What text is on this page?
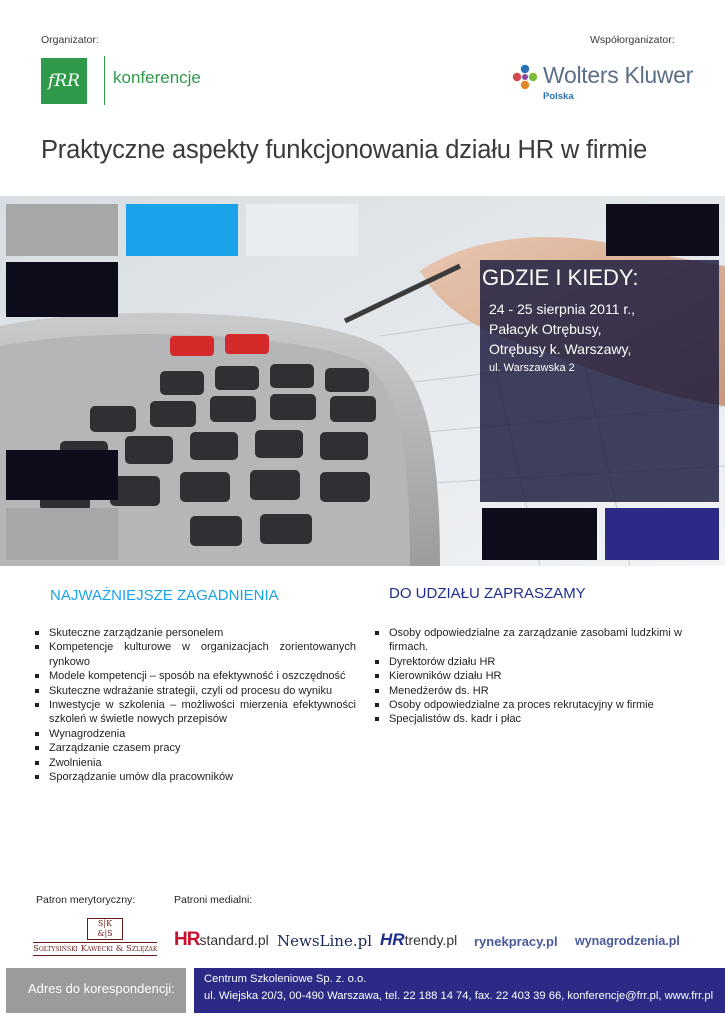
Organizator:	Współorganizator:
fRR	konferencje	Wolters Kluwer
Polska
Praktyczne aspekty funkcjonowania działu HR w firmie
GDZIE I KIEDY:
24 - 25 sierpnia 2011 r.,
Pałacyk Otrębusy,
Otrębusy k. Warszawy,
ul. Warszawska 2
NAJWAŻNIEJSZE ZAGADNIENIA
Skuteczne zarządzanie personelem
Kompetencje kulturowe w organizacjach zorientowanych rynkowo
Modele kompetencji – sposób na efektywność i oszczędność
Skuteczne wdrażanie strategii, czyli od procesu do wyniku
Inwestycje w szkolenia – możliwości mierzenia efektywności szkoleń w świetle nowych przepisów
Wynagrodzenia
Zarządzanie czasem pracy
Zwolnienia
Sporządzanie umów dla pracowników
DO UDZIAŁU ZAPRASZAMY
Osoby odpowiedzialne za zarządzanie zasobami ludzkimi w firmach.
Dyrektorów działu HR
Kierowników działu HR
Menedżerów ds. HR
Osoby odpowiedzialne za proces rekrutacyjny w firmie
Specjalistów ds. kadr i płac
Patron merytoryczny:	Patroni medialni:
S|K
&|S
Sołtysiński Kawecki & Szlęzak HRstandard.pl NewsLine.pl HRtrendy.pl rynekpracy.pl wynagrodzenia.pl
Adres do korespondencji:
Centrum Szkoleniowe Sp. z. o.o.
ul. Wiejska 20/3, 00-490 Warszawa, tel. 22 188 14 74, fax. 22 403 39 66, konferencje@frr.pl, www.frr.pl
